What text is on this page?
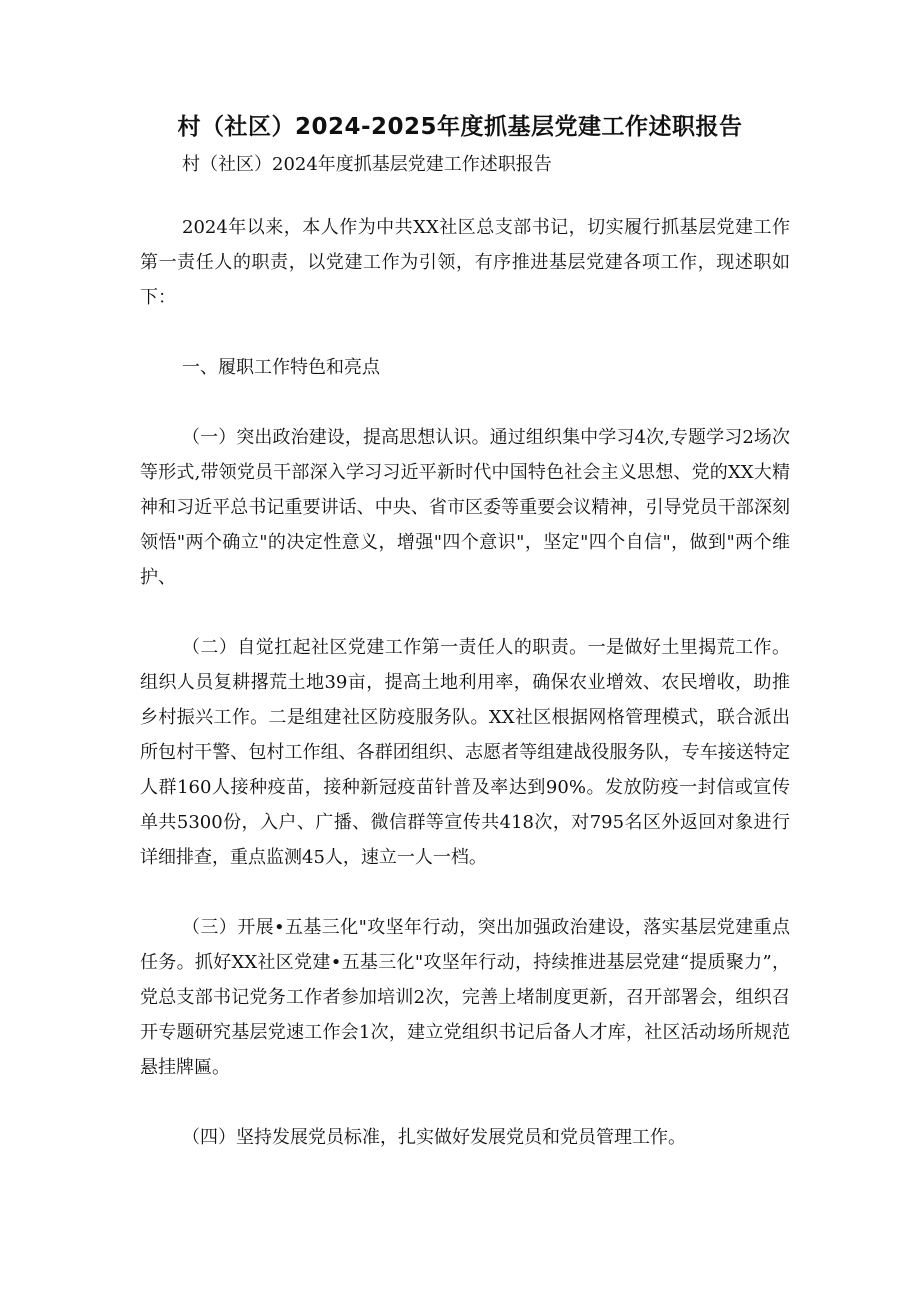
村（社区）2024-2025年度抓基层党建工作述职报告

村（社区）2024年度抓基层党建工作述职报告

2024年以来，本人作为中共XX社区总支部书记，切实履行抓基层党建工作第一责任人的职责，以党建工作为引领，有序推进基层党建各项工作，现述职如下：

一、履职工作特色和亮点

（一）突出政治建设，提高思想认识。通过组织集中学习4次,专题学习2场次等形式,带领党员干部深入学习习近平新时代中国特色社会主义思想、党的XX大精神和习近平总书记重要讲话、中央、省市区委等重要会议精神，引导党员干部深刻领悟"两个确立"的决定性意义，增强"四个意识"，坚定"四个自信"，做到"两个维护、

（二）自觉扛起社区党建工作第一责任人的职责。一是做好土里揭荒工作。组织人员复耕撂荒土地39亩，提高土地利用率，确保农业增效、农民增收，助推乡村振兴工作。二是组建社区防疫服务队。XX社区根据网格管理模式，联合派出所包村干警、包村工作组、各群团组织、志愿者等组建战役服务队，专车接送特定人群160人接种疫苗，接种新冠疫苗针普及率达到90%。发放防疫一封信或宣传单共5300份，入户、广播、微信群等宣传共418次，对795名区外返回对象进行详细排查，重点监测45人，速立一人一档。

（三）开展•五基三化"攻坚年行动，突出加强政治建设，落实基层党建重点任务。抓好XX社区党建•五基三化"攻坚年行动，持续推进基层党建“提质聚力”，党总支部书记党务工作者参加培训2次，完善上堵制度更新，召开部署会，组织召开专题研究基层党速工作会1次，建立党组织书记后备人才库，社区活动场所规范悬挂牌匾。

（四）坚持发展党员标准，扎实做好发展党员和党员管理工作。
